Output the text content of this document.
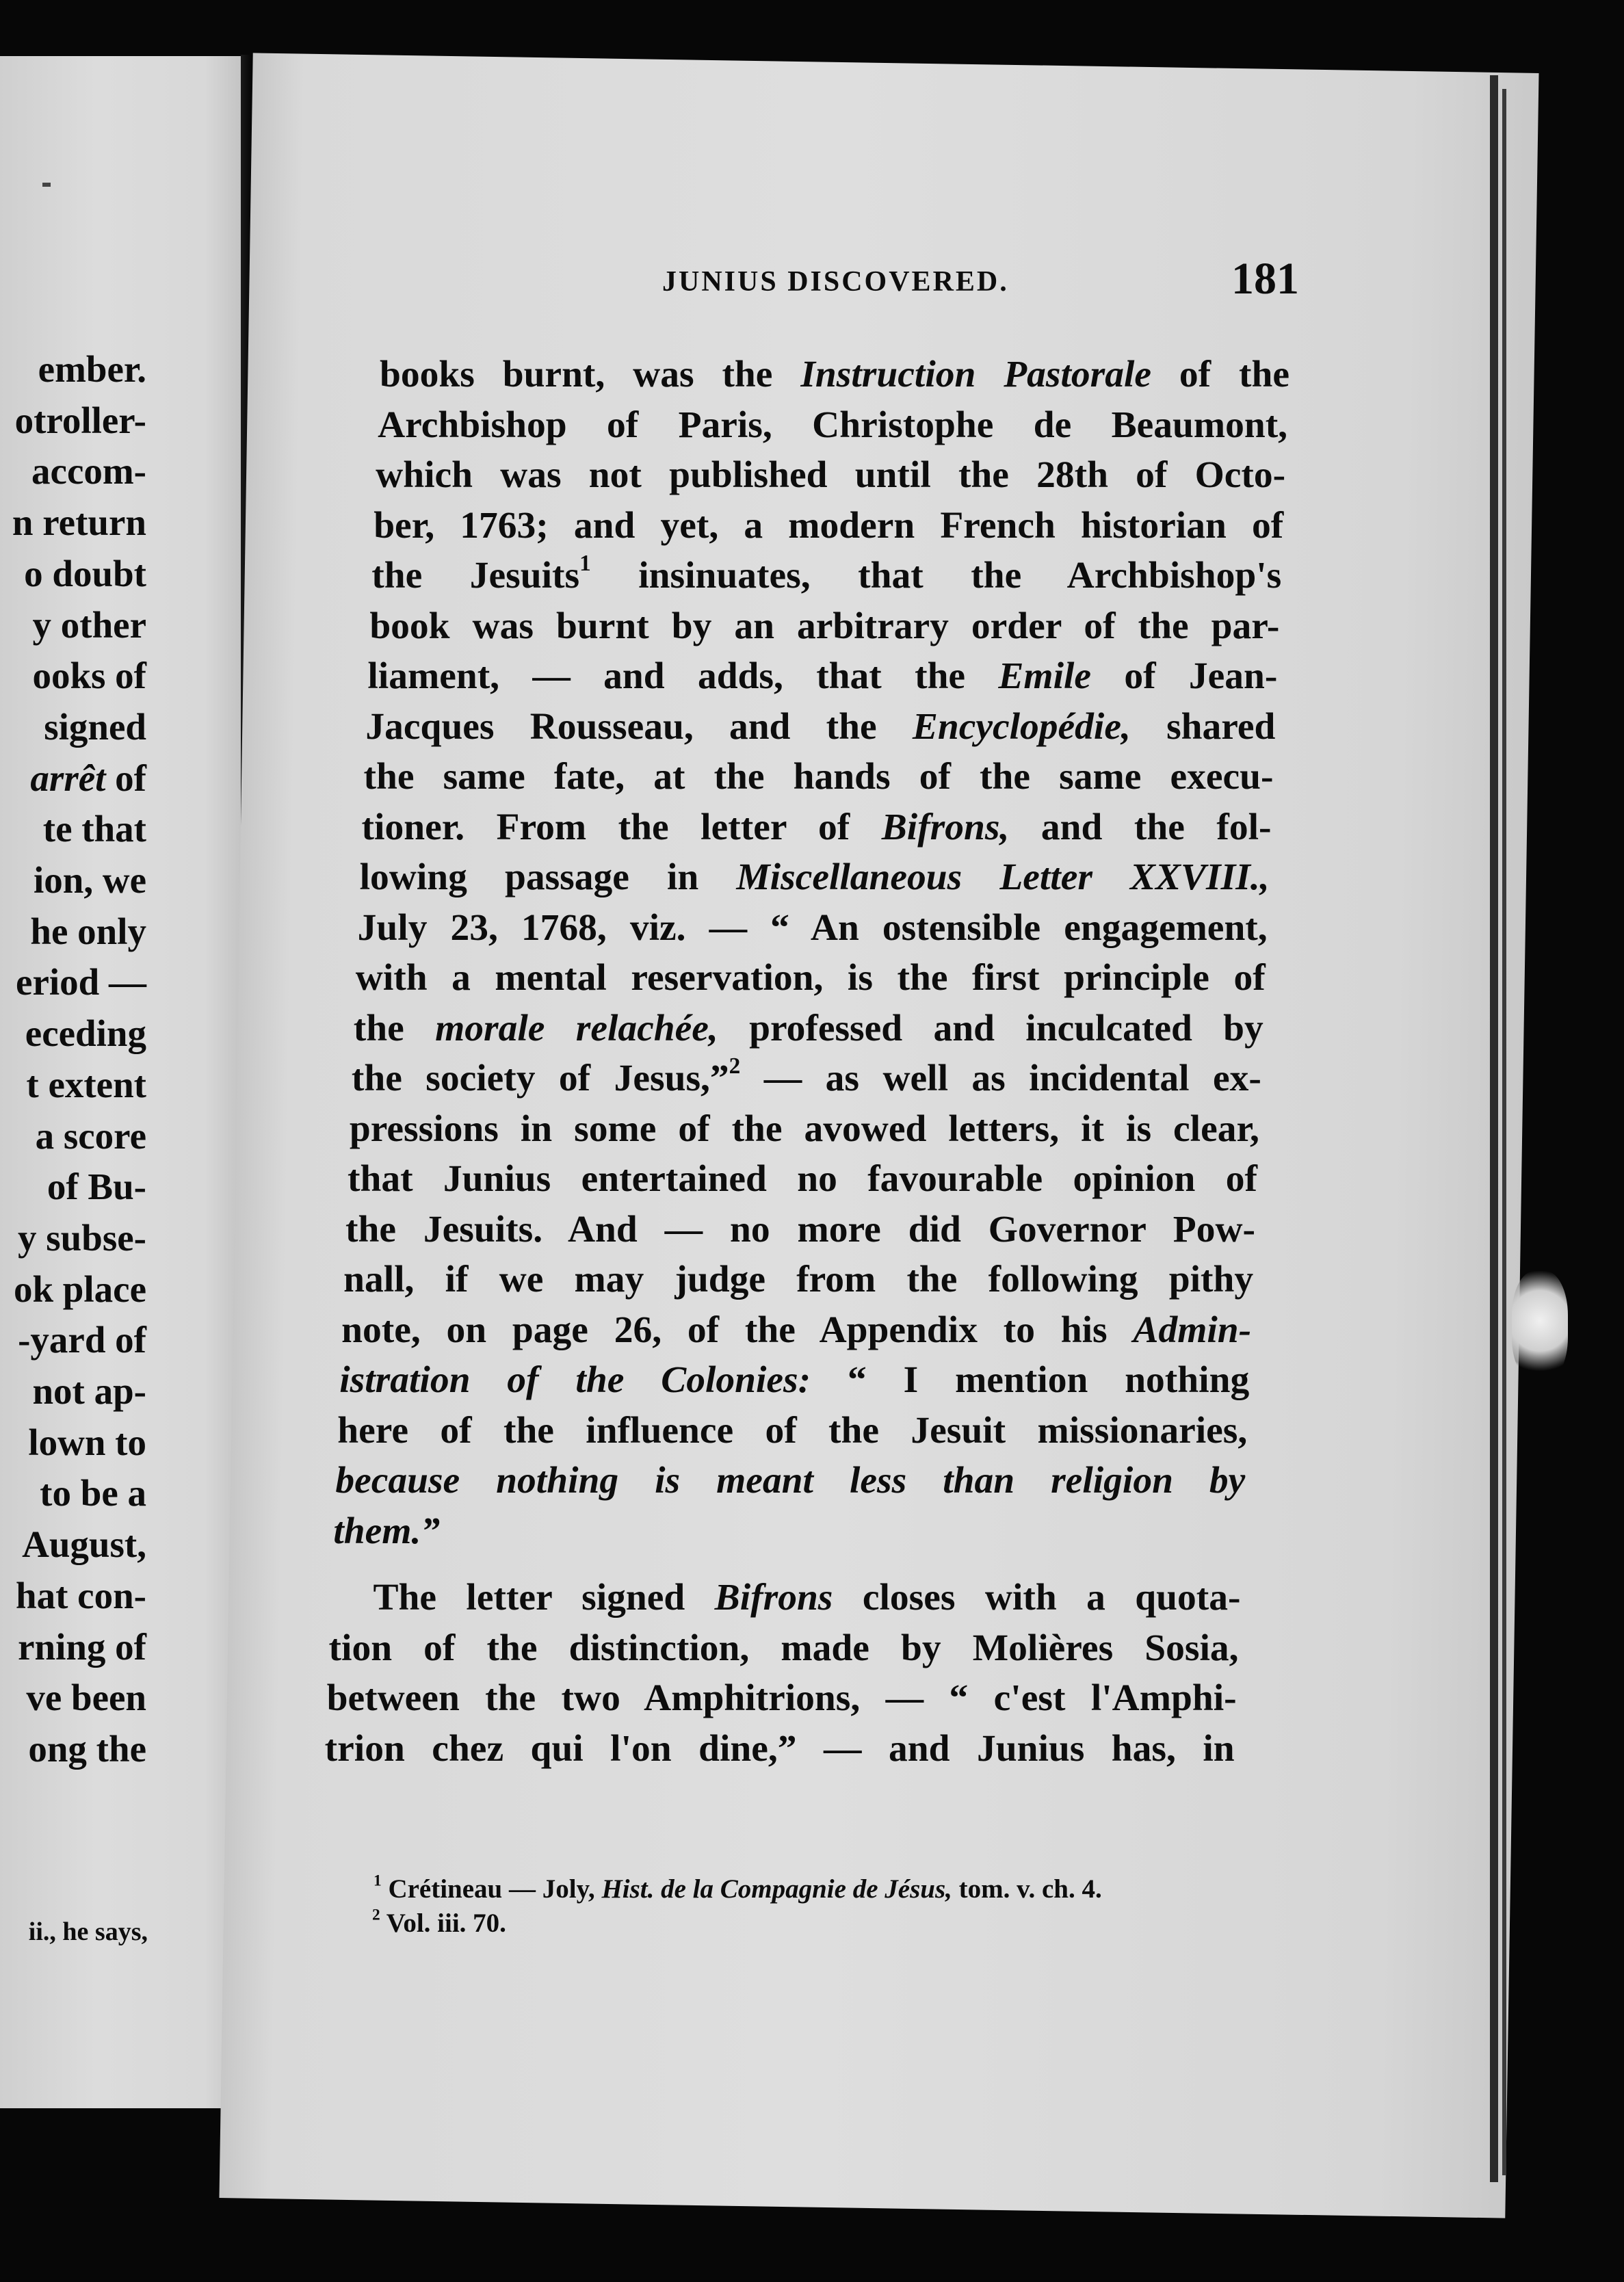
ember.
otroller-
accom-
n return
o doubt
y other
ooks of
signed
arrêt of
te that
ion, we
he only
eriod —
eceding
t extent
a score
of Bu-
y subse-
ok place
-yard of
not ap-
lown to
to be a
August,
hat con-
rning of
ve been
ong the
ii., he says,
JUNIUS DISCOVERED.	181
books burnt, was the Instruction Pastorale of the
Archbishop of Paris, Christophe de Beaumont,
which was not published until the 28th of Octo-
ber, 1763; and yet, a modern French historian of
the Jesuits$^1$ insinuates, that the Archbishop's
book was burnt by an arbitrary order of the par-
liament, — and adds, that the Emile of Jean-
Jacques Rousseau, and the Encyclopédie, shared
the same fate, at the hands of the same execu-
tioner. From the letter of Bifrons, and the fol-
lowing passage in Miscellaneous Letter XXVIII.,
July 23, 1768, viz. — “ An ostensible engagement,
with a mental reservation, is the first principle of
the morale relachée, professed and inculcated by
the society of Jesus,”$^2$ — as well as incidental ex-
pressions in some of the avowed letters, it is clear,
that Junius entertained no favourable opinion of
the Jesuits. And — no more did Governor Pow-
nall, if we may judge from the following pithy
note, on page 26, of the Appendix to his Admin-
istration of the Colonies: “ I mention nothing
here of the influence of the Jesuit missionaries,
because nothing is meant less than religion by
them.”
The letter signed Bifrons closes with a quota-
tion of the distinction, made by Molières Sosia,
between the two Amphitrions, — “ c'est l'Amphi-
trion chez qui l'on dine,” — and Junius has, in
$^1$ Crétineau — Joly, Hist. de la Compagnie de Jésus, tom. v. ch. 4.
$^2$ Vol. iii. 70.
